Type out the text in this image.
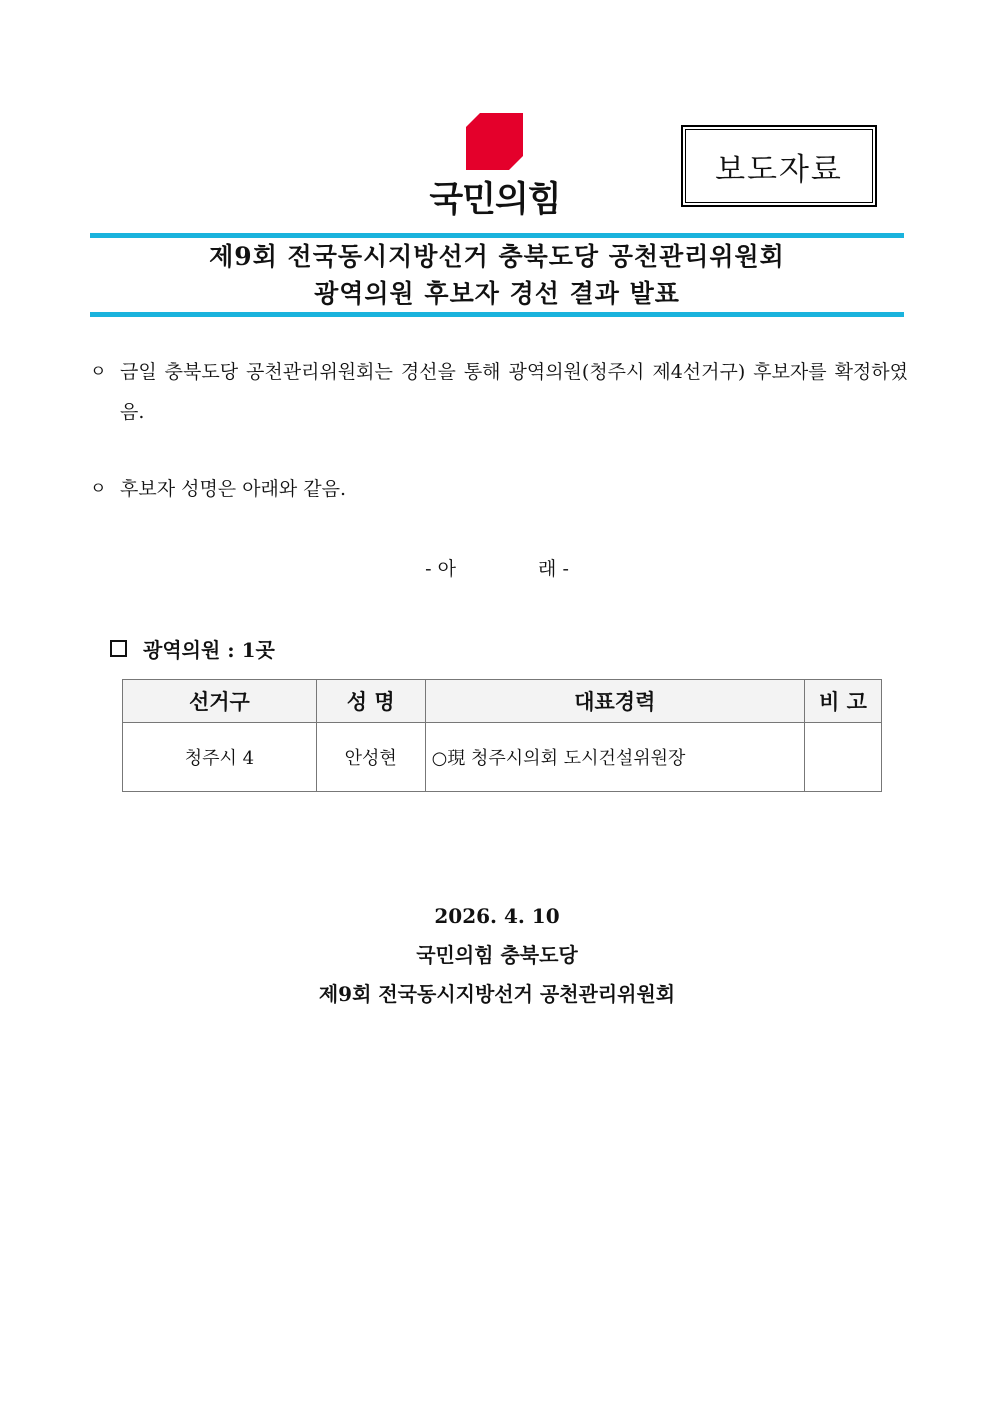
국민의힘
보도자료
제9회 전국동시지방선거 충북도당 공천관리위원회
광역의원 후보자 경선 결과 발표
ㅇ 금일 충북도당 공천관리위원회는 경선을 통해 광역의원(청주시 제4선거구) 후보자를 확정하였음.
ㅇ 후보자 성명은 아래와 같음.
- 아	래 -
광역의원 : 1곳
선거구	성 명	대표경력	비 고
청주시 4	안성현	○現 청주시의회 도시건설위원장	
2026. 4. 10
국민의힘 충북도당
제9회 전국동시지방선거 공천관리위원회
